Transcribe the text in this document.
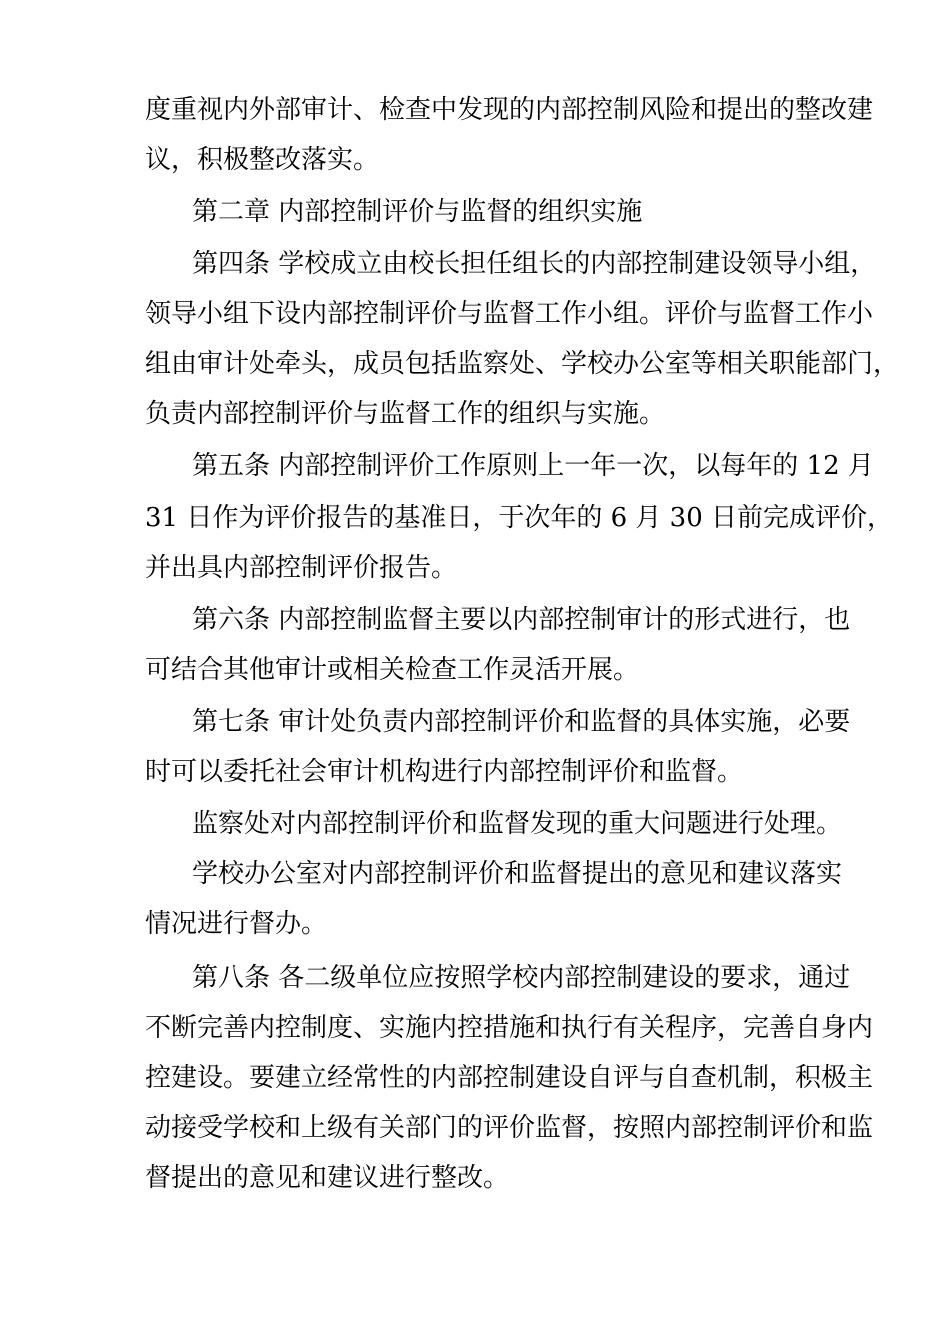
度重视内外部审计、检查中发现的内部控制风险和提出的整改建

议，积极整改落实。

第二章 内部控制评价与监督的组织实施

第四条 学校成立由校长担任组长的内部控制建设领导小组，

领导小组下设内部控制评价与监督工作小组。评价与监督工作小

组由审计处牵头，成员包括监察处、学校办公室等相关职能部门，

负责内部控制评价与监督工作的组织与实施。

第五条 内部控制评价工作原则上一年一次，以每年的 12 月

31 日作为评价报告的基准日，于次年的 6 月 30 日前完成评价，

并出具内部控制评价报告。

第六条 内部控制监督主要以内部控制审计的形式进行，也

可结合其他审计或相关检查工作灵活开展。

第七条 审计处负责内部控制评价和监督的具体实施，必要

时可以委托社会审计机构进行内部控制评价和监督。

监察处对内部控制评价和监督发现的重大问题进行处理。

学校办公室对内部控制评价和监督提出的意见和建议落实

情况进行督办。

第八条 各二级单位应按照学校内部控制建设的要求，通过

不断完善内控制度、实施内控措施和执行有关程序，完善自身内

控建设。要建立经常性的内部控制建设自评与自查机制，积极主

动接受学校和上级有关部门的评价监督，按照内部控制评价和监

督提出的意见和建议进行整改。
